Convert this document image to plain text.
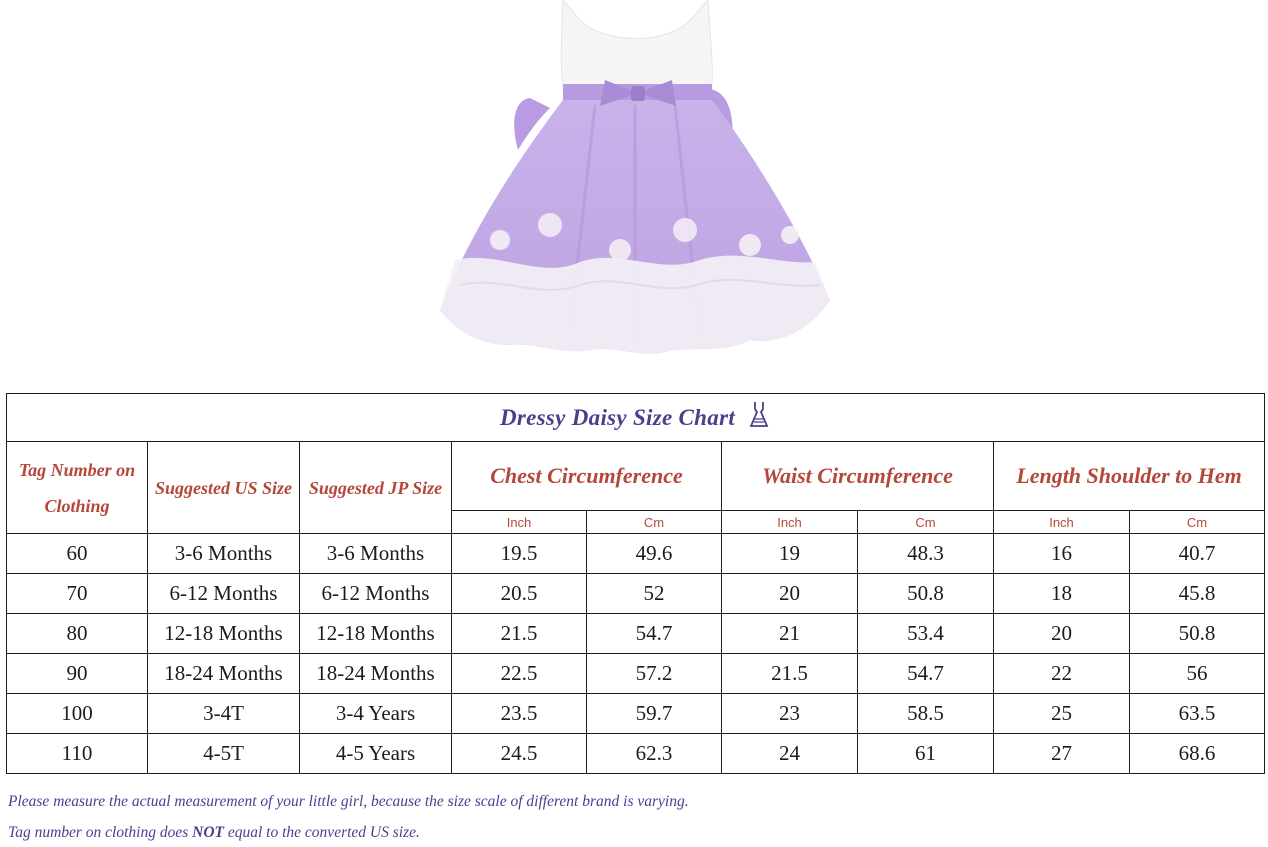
Dressy Daisy Size Chart								
Tag Number on Clothing	Suggested US Size	Suggested JP Size	Chest Circumference		Waist Circumference		Length Shoulder to Hem	
			Inch	Cm	Inch	Cm	Inch	Cm
60	3-6 Months	3-6 Months	19.5	49.6	19	48.3	16	40.7
70	6-12 Months	6-12 Months	20.5	52	20	50.8	18	45.8
80	12-18 Months	12-18 Months	21.5	54.7	21	53.4	20	50.8
90	18-24 Months	18-24 Months	22.5	57.2	21.5	54.7	22	56
100	3-4T	3-4 Years	23.5	59.7	23	58.5	25	63.5
110	4-5T	4-5 Years	24.5	62.3	24	61	27	68.6
Please measure the actual measurement of your little girl, because the size scale of different brand is varying.
Tag number on clothing does NOT equal to the converted US size.
